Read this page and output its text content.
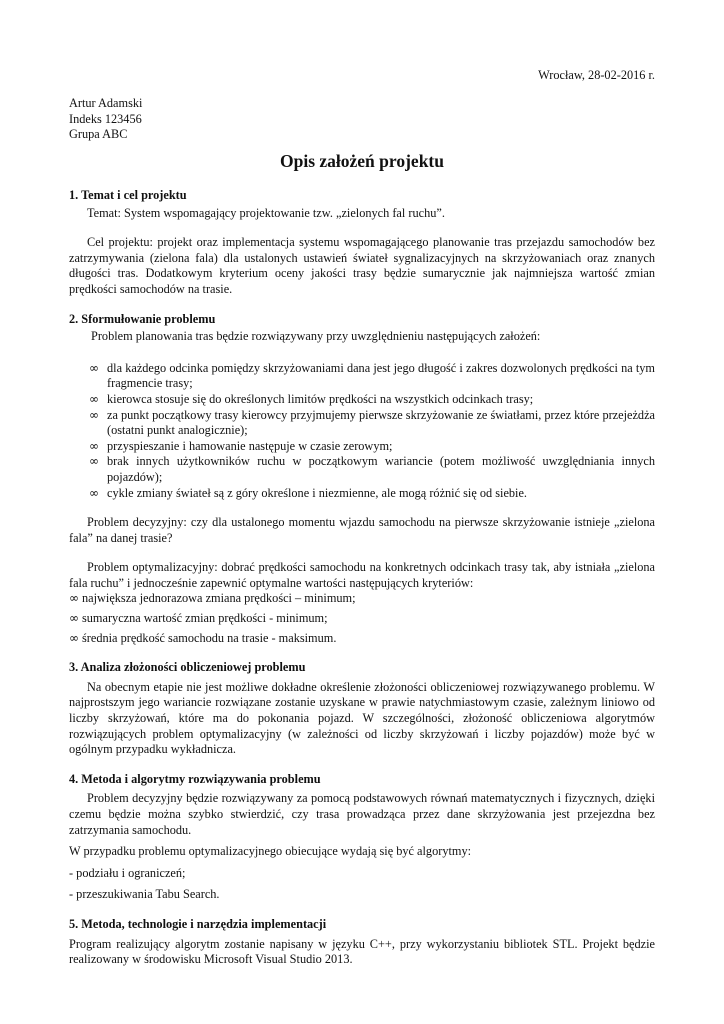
Wrocław, 28-02-2016 r.
Artur Adamski
Indeks 123456
Grupa ABC
Opis założeń projektu
1. Temat i cel projektu

Temat: System wspomagający projektowanie tzw. „zielonych fal ruchu”.

Cel projektu: projekt oraz implementacja systemu wspomagającego planowanie tras przejazdu samochodów bez zatrzymywania (zielona fala) dla ustalonych ustawień świateł sygnalizacyjnych na skrzyżowaniach oraz znanych długości tras. Dodatkowym kryterium oceny jakości trasy będzie sumarycznie jak najmniejsza wartość zmian prędkości samochodów na trasie.

2. Sformułowanie problemu

Problem planowania tras będzie rozwiązywany przy uwzględnieniu następujących założeń:

∞ dla każdego odcinka pomiędzy skrzyżowaniami dana jest jego długość i zakres dozwolonych prędkości na tym fragmencie trasy;
∞ kierowca stosuje się do określonych limitów prędkości na wszystkich odcinkach trasy;
∞ za punkt początkowy trasy kierowcy przyjmujemy pierwsze skrzyżowanie ze światłami, przez które przejeżdża (ostatni punkt analogicznie);
∞ przyspieszanie i hamowanie następuje w czasie zerowym;
∞ brak innych użytkowników ruchu w początkowym wariancie (potem możliwość uwzględniania innych pojazdów);
∞ cykle zmiany świateł są z góry określone i niezmienne, ale mogą różnić się od siebie.

Problem decyzyjny: czy dla ustalonego momentu wjazdu samochodu na pierwsze skrzyżowanie istnieje „zielona fala” na danej trasie?

Problem optymalizacyjny: dobrać prędkości samochodu na konkretnych odcinkach trasy tak, aby istniała „zielona fala ruchu” i jednocześnie zapewnić optymalne wartości następujących kryteriów:

∞ największa jednorazowa zmiana prędkości – minimum;
∞ sumaryczna wartość zmian prędkości - minimum;
∞ średnia prędkość samochodu na trasie - maksimum.
3. Analiza złożoności obliczeniowej problemu

Na obecnym etapie nie jest możliwe dokładne określenie złożoności obliczeniowej rozwiązywanego problemu. W najprostszym jego wariancie rozwiązane zostanie uzyskane w prawie natychmiastowym czasie, zależnym liniowo od liczby skrzyżowań, które ma do pokonania pojazd. W szczególności, złożoność obliczeniowa algorytmów rozwiązujących problem optymalizacyjny (w zależności od liczby skrzyżowań i liczby pojazdów) może być w ogólnym przypadku wykładnicza.

4. Metoda i algorytmy rozwiązywania problemu

Problem decyzyjny będzie rozwiązywany za pomocą podstawowych równań matematycznych i fizycznych, dzięki czemu będzie można szybko stwierdzić, czy trasa prowadząca przez dane skrzyżowania jest przejezdna bez zatrzymania samochodu.

W przypadku problemu optymalizacyjnego obiecujące wydają się być algorytmy:

- podziału i ograniczeń;

- przeszukiwania Tabu Search.

5. Metoda, technologie i narzędzia implementacji

Program realizujący algorytm zostanie napisany w języku C++, przy wykorzystaniu bibliotek STL. Projekt będzie realizowany w środowisku Microsoft Visual Studio 2013.
